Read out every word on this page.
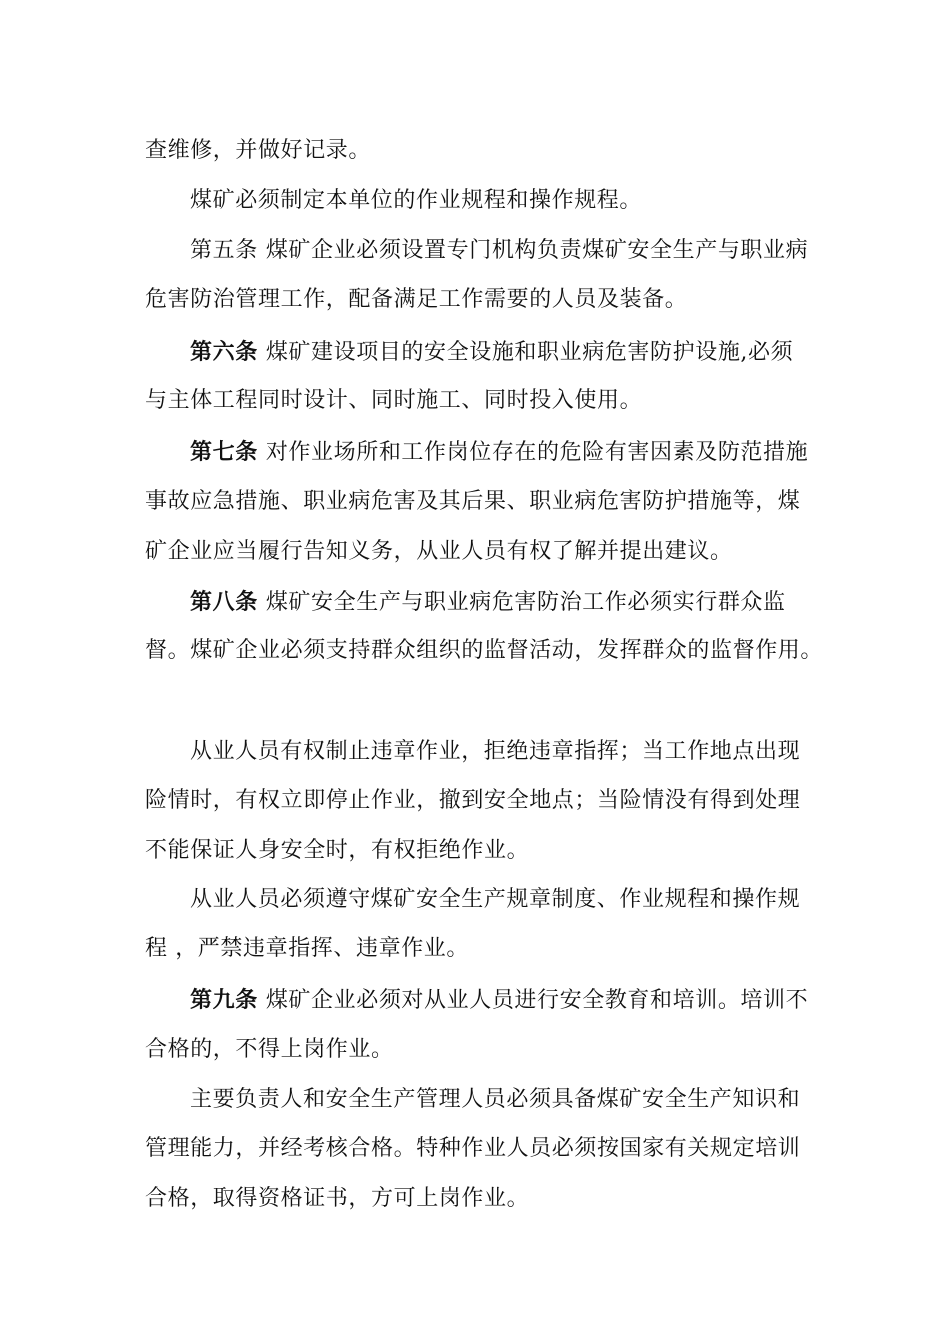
查维修，并做好记录。
煤矿必须制定本单位的作业规程和操作规程。
第五条 煤矿企业必须设置专门机构负责煤矿安全生产与职业病
危害防治管理工作，配备满足工作需要的人员及装备。
第六条 煤矿建设项目的安全设施和职业病危害防护设施,必须
与主体工程同时设计、同时施工、同时投入使用。
第七条 对作业场所和工作岗位存在的危险有害因素及防范措施
事故应急措施、职业病危害及其后果、职业病危害防护措施等，煤
矿企业应当履行告知义务，从业人员有权了解并提出建议。
第八条 煤矿安全生产与职业病危害防治工作必须实行群众监
督。煤矿企业必须支持群众组织的监督活动，发挥群众的监督作用。
从业人员有权制止违章作业，拒绝违章指挥；当工作地点出现
险情时，有权立即停止作业，撤到安全地点；当险情没有得到处理
不能保证人身安全时，有权拒绝作业。
从业人员必须遵守煤矿安全生产规章制度、作业规程和操作规
程 ，严禁违章指挥、违章作业。
第九条 煤矿企业必须对从业人员进行安全教育和培训。培训不
合格的，不得上岗作业。
主要负责人和安全生产管理人员必须具备煤矿安全生产知识和
管理能力，并经考核合格。特种作业人员必须按国家有关规定培训
合格，取得资格证书，方可上岗作业。
